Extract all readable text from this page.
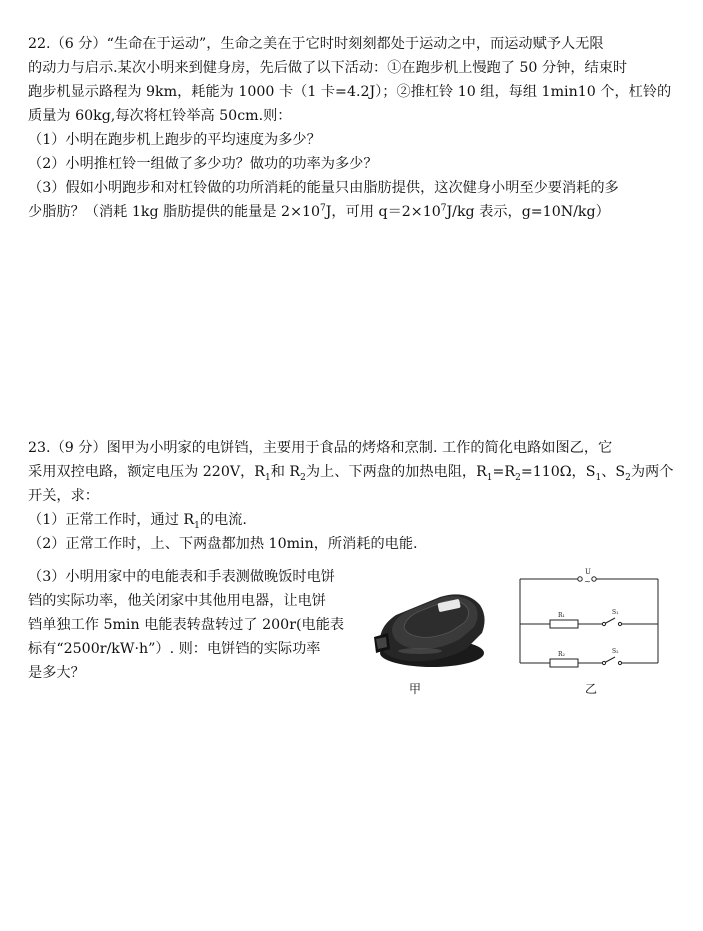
22.（6 分）“生命在于运动”，生命之美在于它时时刻刻都处于运动之中，而运动赋予人无限
的动力与启示.某次小明来到健身房，先后做了以下活动：①在跑步机上慢跑了 50 分钟，结束时
跑步机显示路程为 9km，耗能为 1000 卡（1 卡=4.2J）；②推杠铃 10 组，每组 1min10 个，杠铃的
质量为 60kg,每次将杠铃举高 50cm.则：
（1）小明在跑步机上跑步的平均速度为多少？
（2）小明推杠铃一组做了多少功？做功的功率为多少？
（3）假如小明跑步和对杠铃做的功所消耗的能量只由脂肪提供，这次健身小明至少要消耗的多
少脂肪？（消耗 1kg 脂肪提供的能量是 $2\times 10^7J$，可用 $q=2\times 10^7J/kg$ 表示，g=10N/kg）
23.（9 分）图甲为小明家的电饼铛，主要用于食品的烤烙和烹制. 工作的简化电路如图乙，它
采用双控电路，额定电压为 220V，$R_1$和 $R_2$为上、下两盘的加热电阻，$R_1=R_2=110\Omega$，$S_1$、$S_2$为两个
开关，求：
（1）正常工作时，通过 $R_1$的电流.
（2）正常工作时，上、下两盘都加热 10min，所消耗的电能.
（3）小明用家中的电能表和手表测做晚饭时电饼
铛的实际功率，他关闭家中其他用电器，让电饼
铛单独工作 5min 电能表转盘转过了 200r(电能表
标有“2500r/kW·h”）. 则：电饼铛的实际功率
是多大？
甲
U
~
R₁	S₁
R₂	S₂
乙
